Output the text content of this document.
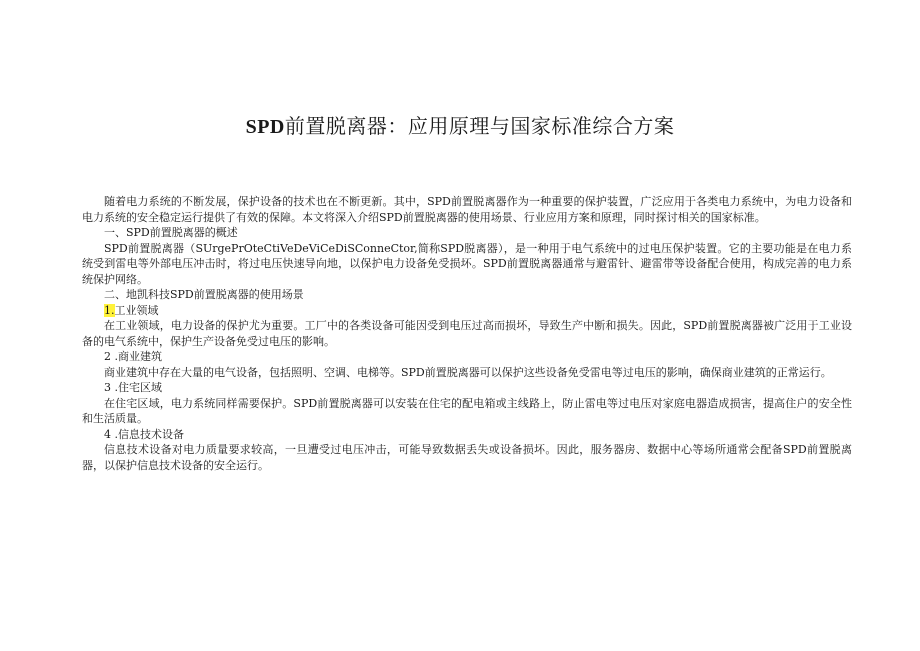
SPD前置脱离器：应用原理与国家标准综合方案

随着电力系统的不断发展，保护设备的技术也在不断更新。其中，SPD前置脱离器作为一种重要的保护装置，广泛应用于各类电力系统中，为电力设备和电力系统的安全稳定运行提供了有效的保障。本文将深入介绍SPD前置脱离器的使用场景、行业应用方案和原理，同时探讨相关的国家标准。

一、SPD前置脱离器的概述

SPD前置脱离器（SUrgePrOteCtiVeDeViCeDiSConneCtor,简称SPD脱离器），是一种用于电气系统中的过电压保护装置。它的主要功能是在电力系统受到雷电等外部电压冲击时，将过电压快速导向地，以保护电力设备免受损坏。SPD前置脱离器通常与避雷针、避雷带等设备配合使用，构成完善的电力系统保护网络。

二、地凯科技SPD前置脱离器的使用场景

1.工业领域

在工业领域，电力设备的保护尤为重要。工厂中的各类设备可能因受到电压过高而损坏，导致生产中断和损失。因此，SPD前置脱离器被广泛用于工业设备的电气系统中，保护生产设备免受过电压的影响。

2 .商业建筑

商业建筑中存在大量的电气设备，包括照明、空调、电梯等。SPD前置脱离器可以保护这些设备免受雷电等过电压的影响，确保商业建筑的正常运行。

3 .住宅区域

在住宅区域，电力系统同样需要保护。SPD前置脱离器可以安装在住宅的配电箱或主线路上，防止雷电等过电压对家庭电器造成损害，提高住户的安全性和生活质量。

4 .信息技术设备

信息技术设备对电力质量要求较高，一旦遭受过电压冲击，可能导致数据丢失或设备损坏。因此，服务器房、数据中心等场所通常会配备SPD前置脱离器，以保护信息技术设备的安全运行。
